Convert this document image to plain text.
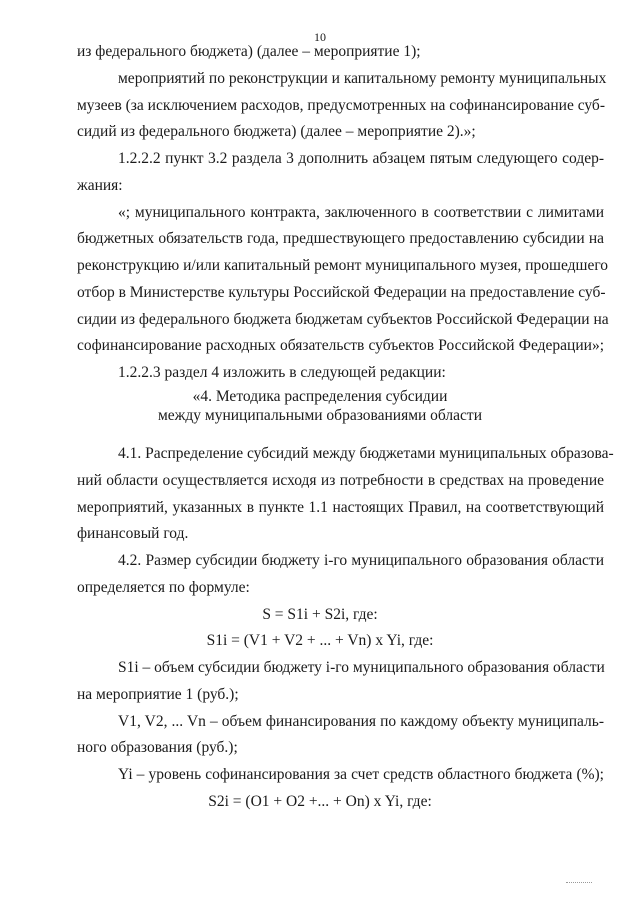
10
из федерального бюджета) (далее – мероприятие 1);
мероприятий по реконструкции и капитальному ремонту муниципальных
музеев (за исключением расходов, предусмотренных на софинансирование суб-
сидий из федерального бюджета) (далее – мероприятие 2).»;
1.2.2.2 пункт 3.2 раздела 3 дополнить абзацем пятым следующего содер-
жания:
«; муниципального контракта, заключенного в соответствии с лимитами
бюджетных обязательств года, предшествующего предоставлению субсидии на
реконструкцию и/или капитальный ремонт муниципального музея, прошедшего
отбор в Министерстве культуры Российской Федерации на предоставление суб-
сидии из федерального бюджета бюджетам субъектов Российской Федерации на
софинансирование расходных обязательств субъектов Российской Федерации»;
1.2.2.3 раздел 4 изложить в следующей редакции:
«4. Методика распределения субсидии
между муниципальными образованиями области
4.1. Распределение субсидий между бюджетами муниципальных образова-
ний области осуществляется исходя из потребности в средствах на проведение
мероприятий, указанных в пункте 1.1 настоящих Правил, на соответствующий
финансовый год.
4.2. Размер субсидии бюджету i-го муниципального образования области
определяется по формуле:
S = S1i + S2i, где:
S1i = (V1 + V2 + ... + Vn) x Yi, где:
S1i – объем субсидии бюджету i-го муниципального образования области
на мероприятие 1 (руб.);
V1, V2, ... Vn – объем финансирования по каждому объекту муниципаль-
ного образования (руб.);
Yi – уровень софинансирования за счет средств областного бюджета (%);
S2i = (O1 + O2 +... + On) x Yi, где:
